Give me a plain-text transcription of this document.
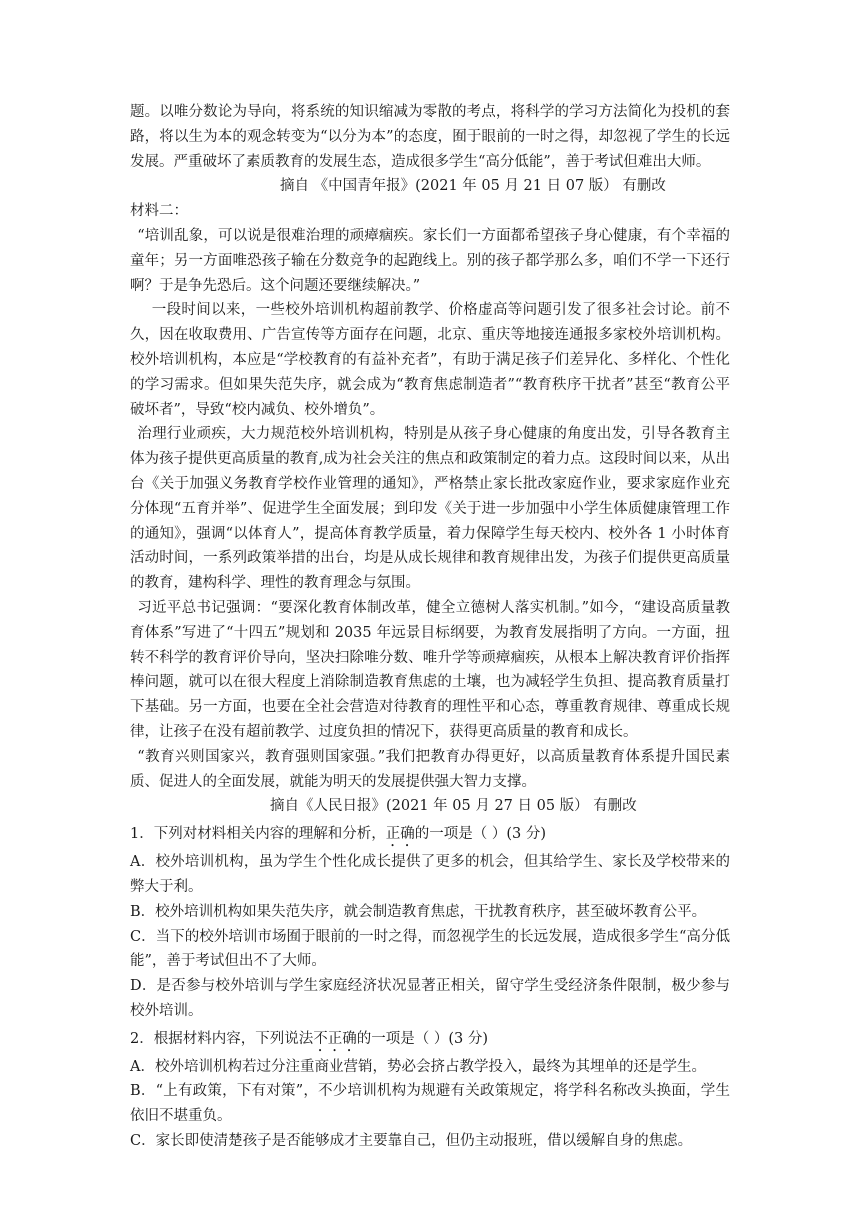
题。以唯分数论为导向，将系统的知识缩减为零散的考点，将科学的学习方法简化为投机的套路，将以生为本的观念转变为“以分为本”的态度，囿于眼前的一时之得，却忽视了学生的长远发展。严重破坏了素质教育的发展生态，造成很多学生“高分低能”，善于考试但难出大师。

摘自 《中国青年报》(2021 年 05 月 21 日 07 版） 有删改

材料二：

“培训乱象，可以说是很难治理的顽瘴痼疾。家长们一方面都希望孩子身心健康，有个幸福的童年；另一方面唯恐孩子输在分数竞争的起跑线上。别的孩子都学那么多，咱们不学一下还行啊？于是争先恐后。这个问题还要继续解决。”

一段时间以来，一些校外培训机构超前教学、价格虚高等问题引发了很多社会讨论。前不久，因在收取费用、广告宣传等方面存在问题，北京、重庆等地接连通报多家校外培训机构。校外培训机构，本应是“学校教育的有益补充者”，有助于满足孩子们差异化、多样化、个性化的学习需求。但如果失范失序，就会成为“教育焦虑制造者”“教育秩序干扰者”甚至“教育公平破坏者”，导致“校内减负、校外增负”。

治理行业顽疾，大力规范校外培训机构，特别是从孩子身心健康的角度出发，引导各教育主体为孩子提供更高质量的教育,成为社会关注的焦点和政策制定的着力点。这段时间以来，从出台《关于加强义务教育学校作业管理的通知》，严格禁止家长批改家庭作业，要求家庭作业充分体现“五育并举”、促进学生全面发展；到印发《关于进一步加强中小学生体质健康管理工作的通知》，强调“以体育人”，提高体育教学质量，着力保障学生每天校内、校外各 1 小时体育活动时间，一系列政策举措的出台，均是从成长规律和教育规律出发，为孩子们提供更高质量的教育，建构科学、理性的教育理念与氛围。

习近平总书记强调：“要深化教育体制改革，健全立德树人落实机制。”如今，“建设高质量教育体系”写进了“十四五”规划和 2035 年远景目标纲要，为教育发展指明了方向。一方面，扭转不科学的教育评价导向，坚决扫除唯分数、唯升学等顽瘴痼疾，从根本上解决教育评价指挥棒问题，就可以在很大程度上消除制造教育焦虑的土壤，也为减轻学生负担、提高教育质量打下基础。另一方面，也要在全社会营造对待教育的理性平和心态，尊重教育规律、尊重成长规律，让孩子在没有超前教学、过度负担的情况下，获得更高质量的教育和成长。

“教育兴则国家兴，教育强则国家强。”我们把教育办得更好，以高质量教育体系提升国民素质、促进人的全面发展，就能为明天的发展提供强大智力支撑。

摘自《人民日报》(2021 年 05 月 27 日 05 版） 有删改

1．下列对材料相关内容的理解和分析，正确的一项是（ ）(3 分)

A．校外培训机构，虽为学生个性化成长提供了更多的机会，但其给学生、家长及学校带来的弊大于利。

B．校外培训机构如果失范失序，就会制造教育焦虑，干扰教育秩序，甚至破坏教育公平。

C．当下的校外培训市场囿于眼前的一时之得，而忽视学生的长远发展，造成很多学生“高分低能”，善于考试但出不了大师。

D．是否参与校外培训与学生家庭经济状况显著正相关，留守学生受经济条件限制，极少参与校外培训。

2．根据材料内容，下列说法不正确的一项是（ ）(3 分)

A．校外培训机构若过分注重商业营销，势必会挤占教学投入，最终为其埋单的还是学生。

B．“上有政策，下有对策”，不少培训机构为规避有关政策规定，将学科名称改头换面，学生依旧不堪重负。

C．家长即使清楚孩子是否能够成才主要靠自己，但仍主动报班，借以缓解自身的焦虑。
